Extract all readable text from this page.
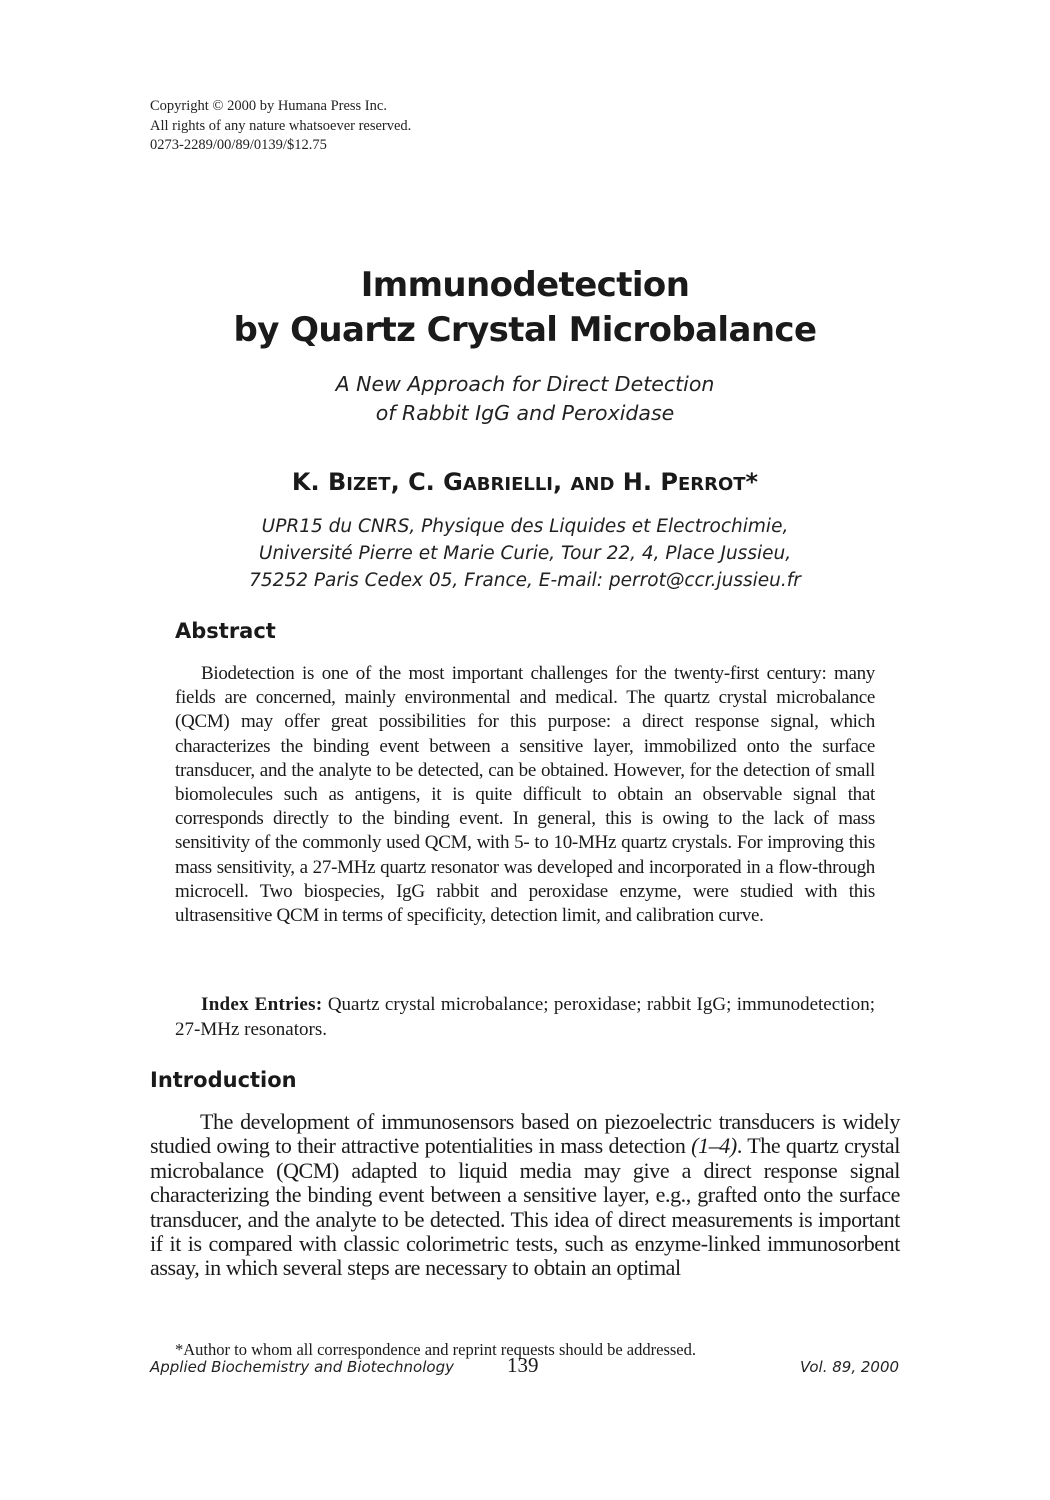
Copyright © 2000 by Humana Press Inc.
All rights of any nature whatsoever reserved.
0273-2289/00/89/0139/$12.75
Immunodetection
by Quartz Crystal Microbalance
A New Approach for Direct Detection
of Rabbit IgG and Peroxidase
K. BIZET, C. GABRIELLI, AND H. PERROT*
UPR15 du CNRS, Physique des Liquides et Electrochimie,
Université Pierre et Marie Curie, Tour 22, 4, Place Jussieu,
75252 Paris Cedex 05, France, E-mail: perrot@ccr.jussieu.fr
Abstract

Biodetection is one of the most important challenges for the twenty-first century: many fields are concerned, mainly environmental and medical. The quartz crystal microbalance (QCM) may offer great possibilities for this purpose: a direct response signal, which characterizes the binding event between a sensitive layer, immobilized onto the surface transducer, and the analyte to be detected, can be obtained. However, for the detection of small biomolecules such as antigens, it is quite difficult to obtain an observable signal that corresponds directly to the binding event. In general, this is owing to the lack of mass sensitivity of the commonly used QCM, with 5- to 10-MHz quartz crystals. For improving this mass sensitivity, a 27-MHz quartz resonator was developed and incorporated in a flow-through microcell. Two biospecies, IgG rabbit and peroxidase enzyme, were studied with this ultrasensitive QCM in terms of specificity, detection limit, and calibration curve.

Index Entries: Quartz crystal microbalance; peroxidase; rabbit IgG; immunodetection; 27-MHz resonators.

Introduction

The development of immunosensors based on piezoelectric transducers is widely studied owing to their attractive potentialities in mass detection (1–4). The quartz crystal microbalance (QCM) adapted to liquid media may give a direct response signal characterizing the binding event between a sensitive layer, e.g., grafted onto the surface transducer, and the analyte to be detected. This idea of direct measurements is important if it is compared with classic colorimetric tests, such as enzyme-linked immunosorbent assay, in which several steps are necessary to obtain an optimal

*Author to whom all correspondence and reprint requests should be addressed.
Applied Biochemistry and Biotechnology	139	Vol. 89, 2000
